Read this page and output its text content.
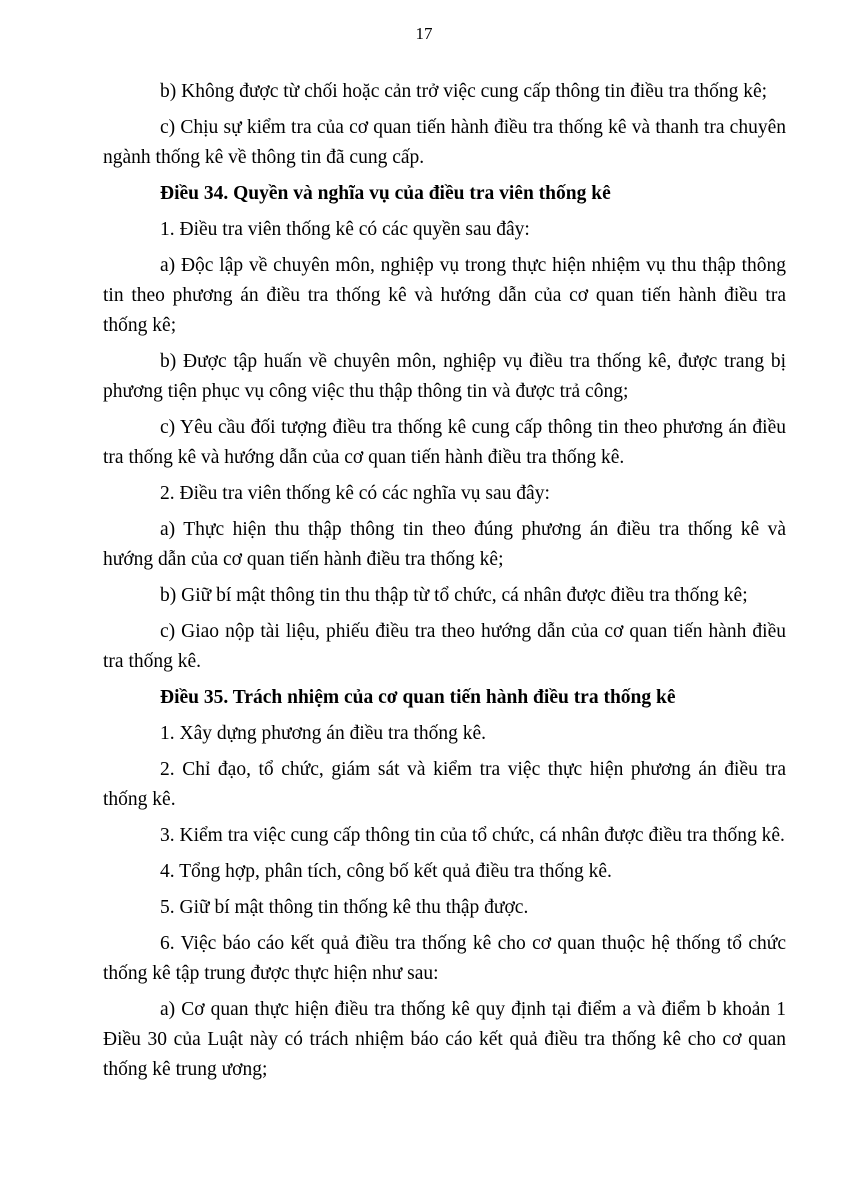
17

b) Không được từ chối hoặc cản trở việc cung cấp thông tin điều tra thống kê;

c) Chịu sự kiểm tra của cơ quan tiến hành điều tra thống kê và thanh tra chuyên ngành thống kê về thông tin đã cung cấp.

Điều 34. Quyền và nghĩa vụ của điều tra viên thống kê

1. Điều tra viên thống kê có các quyền sau đây:

a) Độc lập về chuyên môn, nghiệp vụ trong thực hiện nhiệm vụ thu thập thông tin theo phương án điều tra thống kê và hướng dẫn của cơ quan tiến hành điều tra thống kê;

b) Được tập huấn về chuyên môn, nghiệp vụ điều tra thống kê, được trang bị phương tiện phục vụ công việc thu thập thông tin và được trả công;

c) Yêu cầu đối tượng điều tra thống kê cung cấp thông tin theo phương án điều tra thống kê và hướng dẫn của cơ quan tiến hành điều tra thống kê.

2. Điều tra viên thống kê có các nghĩa vụ sau đây:

a) Thực hiện thu thập thông tin theo đúng phương án điều tra thống kê và hướng dẫn của cơ quan tiến hành điều tra thống kê;

b) Giữ bí mật thông tin thu thập từ tổ chức, cá nhân được điều tra thống kê;

c) Giao nộp tài liệu, phiếu điều tra theo hướng dẫn của cơ quan tiến hành điều tra thống kê.

Điều 35. Trách nhiệm của cơ quan tiến hành điều tra thống kê

1. Xây dựng phương án điều tra thống kê.

2. Chỉ đạo, tổ chức, giám sát và kiểm tra việc thực hiện phương án điều tra thống kê.

3. Kiểm tra việc cung cấp thông tin của tổ chức, cá nhân được điều tra thống kê.

4. Tổng hợp, phân tích, công bố kết quả điều tra thống kê.

5. Giữ bí mật thông tin thống kê thu thập được.

6. Việc báo cáo kết quả điều tra thống kê cho cơ quan thuộc hệ thống tổ chức thống kê tập trung được thực hiện như sau:

a) Cơ quan thực hiện điều tra thống kê quy định tại điểm a và điểm b khoản 1 Điều 30 của Luật này có trách nhiệm báo cáo kết quả điều tra thống kê cho cơ quan thống kê trung ương;
